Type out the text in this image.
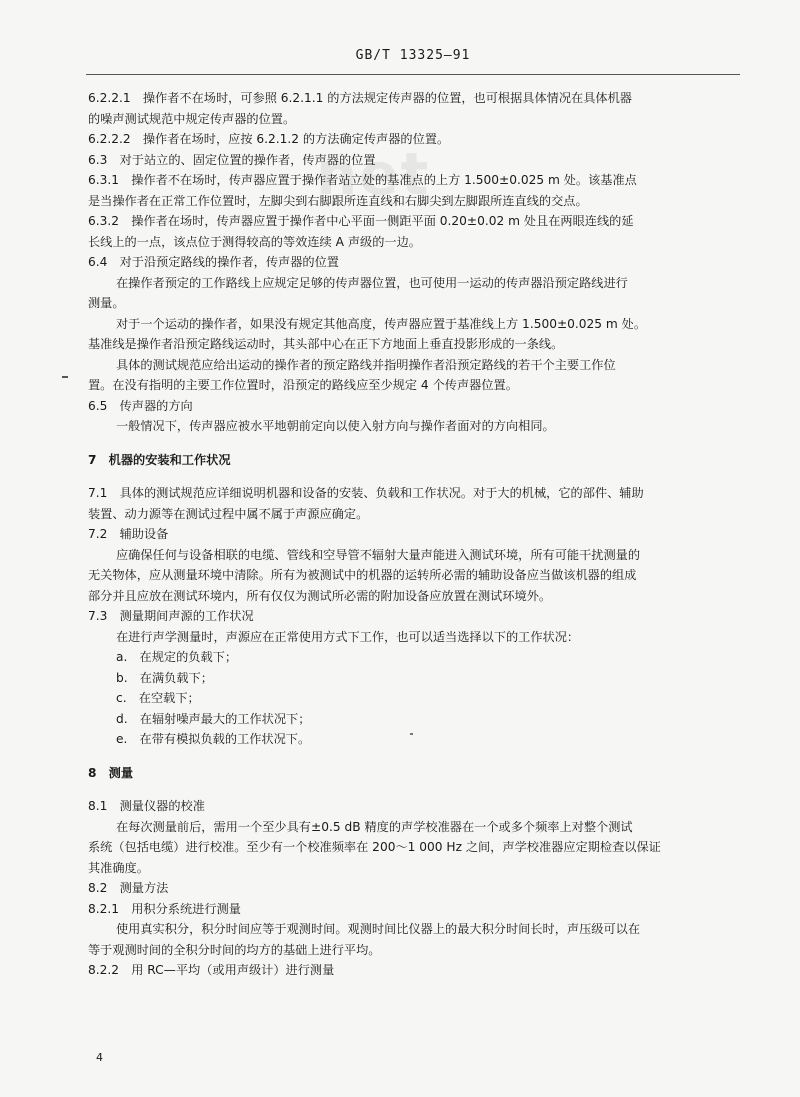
GB/T 13325—91
net
6.2.2.1　操作者不在场时，可参照 6.2.1.1 的方法规定传声器的位置，也可根据具体情况在具体机器
的噪声测试规范中规定传声器的位置。
6.2.2.2　操作者在场时，应按 6.2.1.2 的方法确定传声器的位置。
6.3　对于站立的、固定位置的操作者，传声器的位置
6.3.1　操作者不在场时，传声器应置于操作者站立处的基准点的上方 1.500±0.025 m 处。该基准点
是当操作者在正常工作位置时，左脚尖到右脚跟所连直线和右脚尖到左脚跟所连直线的交点。
6.3.2　操作者在场时，传声器应置于操作者中心平面一侧距平面 0.20±0.02 m 处且在两眼连线的延
长线上的一点，该点位于测得较高的等效连续 A 声级的一边。
6.4　对于沿预定路线的操作者，传声器的位置
在操作者预定的工作路线上应规定足够的传声器位置，也可使用一运动的传声器沿预定路线进行
测量。
对于一个运动的操作者，如果没有规定其他高度，传声器应置于基准线上方 1.500±0.025 m 处。
基准线是操作者沿预定路线运动时，其头部中心在正下方地面上垂直投影形成的一条线。
具体的测试规范应给出运动的操作者的预定路线并指明操作者沿预定路线的若干个主要工作位
置。在没有指明的主要工作位置时，沿预定的路线应至少规定 4 个传声器位置。
6.5　传声器的方向
一般情况下，传声器应被水平地朝前定向以使入射方向与操作者面对的方向相同。
7　机器的安装和工作状况
7.1　具体的测试规范应详细说明机器和设备的安装、负载和工作状况。对于大的机械，它的部件、辅助
装置、动力源等在测试过程中属不属于声源应确定。
7.2　辅助设备
应确保任何与设备相联的电缆、管线和空导管不辐射大量声能进入测试环境，所有可能干扰测量的
无关物体，应从测量环境中清除。所有为被测试中的机器的运转所必需的辅助设备应当做该机器的组成
部分并且应放在测试环境内，所有仅仅为测试所必需的附加设备应放置在测试环境外。
7.3　测量期间声源的工作状况
在进行声学测量时，声源应在正常使用方式下工作，也可以适当选择以下的工作状况：
a.　在规定的负载下；
b.　在满负载下；
c.　在空载下；
d.　在辐射噪声最大的工作状况下；
e.　在带有模拟负载的工作状况下。
8　测量
8.1　测量仪器的校准
在每次测量前后，需用一个至少具有±0.5 dB 精度的声学校准器在一个或多个频率上对整个测试
系统（包括电缆）进行校准。至少有一个校准频率在 200～1 000 Hz 之间，声学校准器应定期检查以保证
其准确度。
8.2　测量方法
8.2.1　用积分系统进行测量
使用真实积分，积分时间应等于观测时间。观测时间比仪器上的最大积分时间长时，声压级可以在
等于观测时间的全积分时间的均方的基础上进行平均。
8.2.2　用 RC—平均（或用声级计）进行测量
4
